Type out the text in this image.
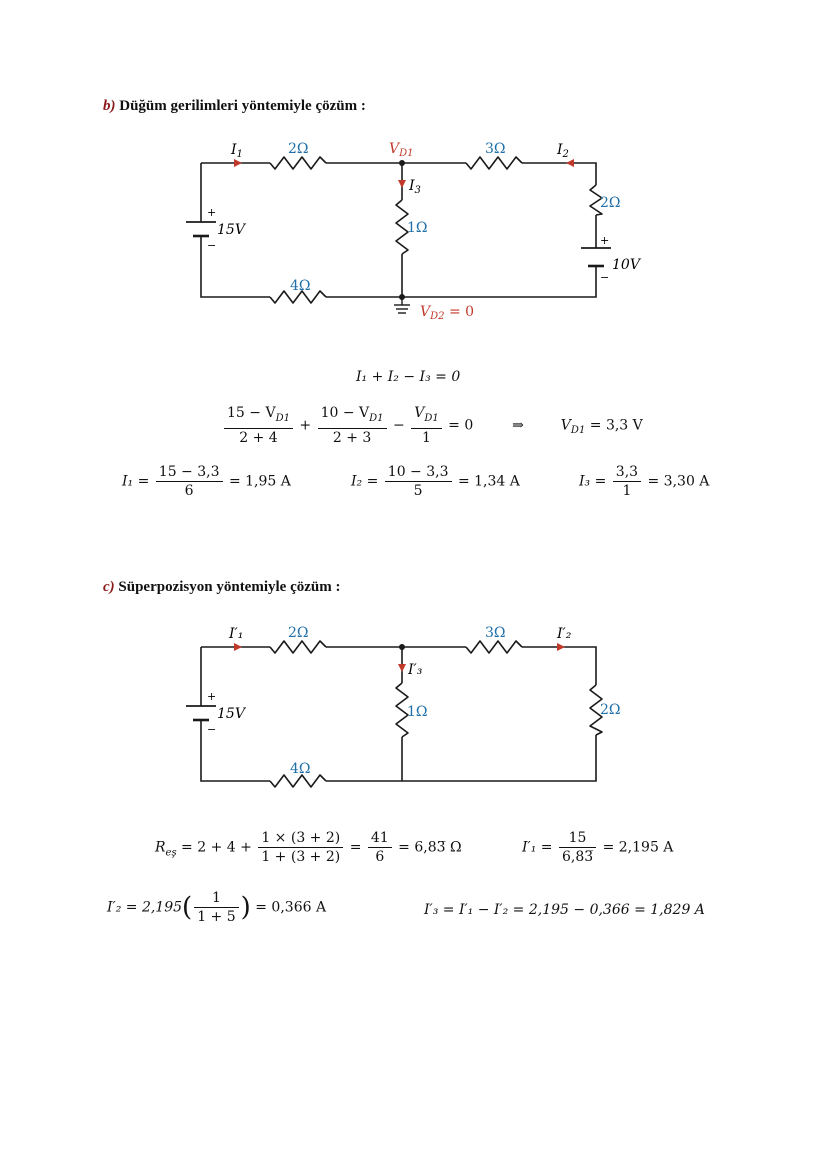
b) Düğüm gerilimleri yöntemiyle çözüm :
$I_1$	$I_2$
$I_3$
$V_{D1}$
$V_{D2} = 0$
2Ω	3Ω
1Ω
2Ω
4Ω
15V
10V
+
−	+
−
I₁ + I₂ − I₃ = 0
$\frac{15 - V_{D1}}{2 + 4} + \frac{10 - V_{D1}}{2 + 3} - \frac{V_{D1}}{1} = 0$	⇒	$V_{D1} = 3,3$ V
$I_1 = \frac{15 - 3,3}{6} = 1,95$ A	$I_2 = \frac{10 - 3,3}{5} = 1,34$ A	$I_3 = \frac{3,3}{1} = 3,30$ A
c) Süperpozisyon yöntemiyle çözüm :
I′₁	I′₂
I′₃
2Ω	3Ω
1Ω	2Ω
4Ω
15V
+
−
$R_{eş} = 2 + 4 + \frac{1 \times (3 + 2)}{1 + (3 + 2)} = \frac{41}{6}$ = 6,83̅ Ω	$I'_1 = \frac{15}{6,83̅} = 2,195$ A
$I'_2 = 2,195( \frac{1}{1 + 5}$ ) = 0,366 A	I′₃ = I′₁ − I′₂ = 2,195 − 0,366 = 1,829 A
